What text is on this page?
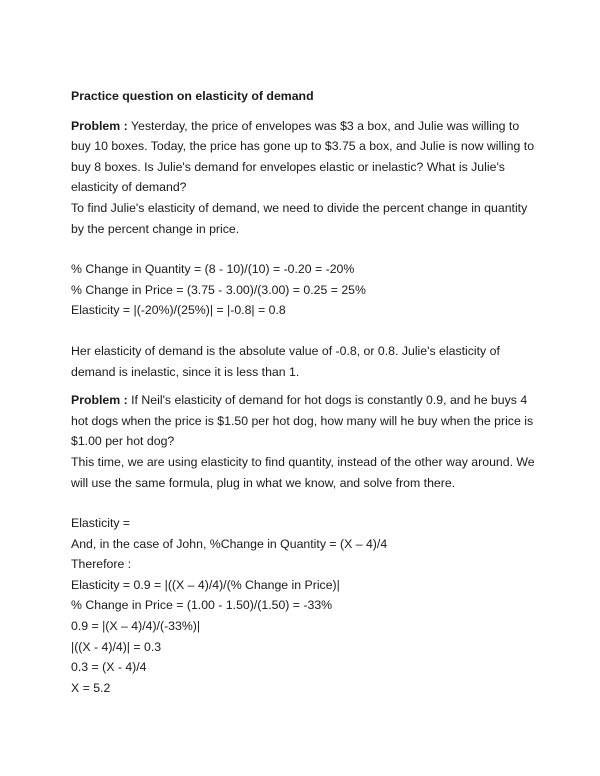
Practice question on elasticity of demand

Problem : Yesterday, the price of envelopes was $3 a box, and Julie was willing to buy 10 boxes. Today, the price has gone up to $3.75 a box, and Julie is now willing to buy 8 boxes. Is Julie's demand for envelopes elastic or inelastic? What is Julie's elasticity of demand?

To find Julie's elasticity of demand, we need to divide the percent change in quantity by the percent change in price.

% Change in Quantity = (8 - 10)/(10) = -0.20 = -20%

% Change in Price = (3.75 - 3.00)/(3.00) = 0.25 = 25%

Elasticity = |(-20%)/(25%)| = |-0.8| = 0.8

Her elasticity of demand is the absolute value of -0.8, or 0.8. Julie's elasticity of demand is inelastic, since it is less than 1.

Problem : If Neil's elasticity of demand for hot dogs is constantly 0.9, and he buys 4 hot dogs when the price is $1.50 per hot dog, how many will he buy when the price is $1.00 per hot dog?

This time, we are using elasticity to find quantity, instead of the other way around. We will use the same formula, plug in what we know, and solve from there.

Elasticity =

And, in the case of John, %Change in Quantity = (X – 4)/4

Therefore :

Elasticity = 0.9 = |((X – 4)/4)/(% Change in Price)|

% Change in Price = (1.00 - 1.50)/(1.50) = -33%

0.9 = |(X – 4)/4)/(-33%)|

|((X - 4)/4)| = 0.3

0.3 = (X - 4)/4

X = 5.2
